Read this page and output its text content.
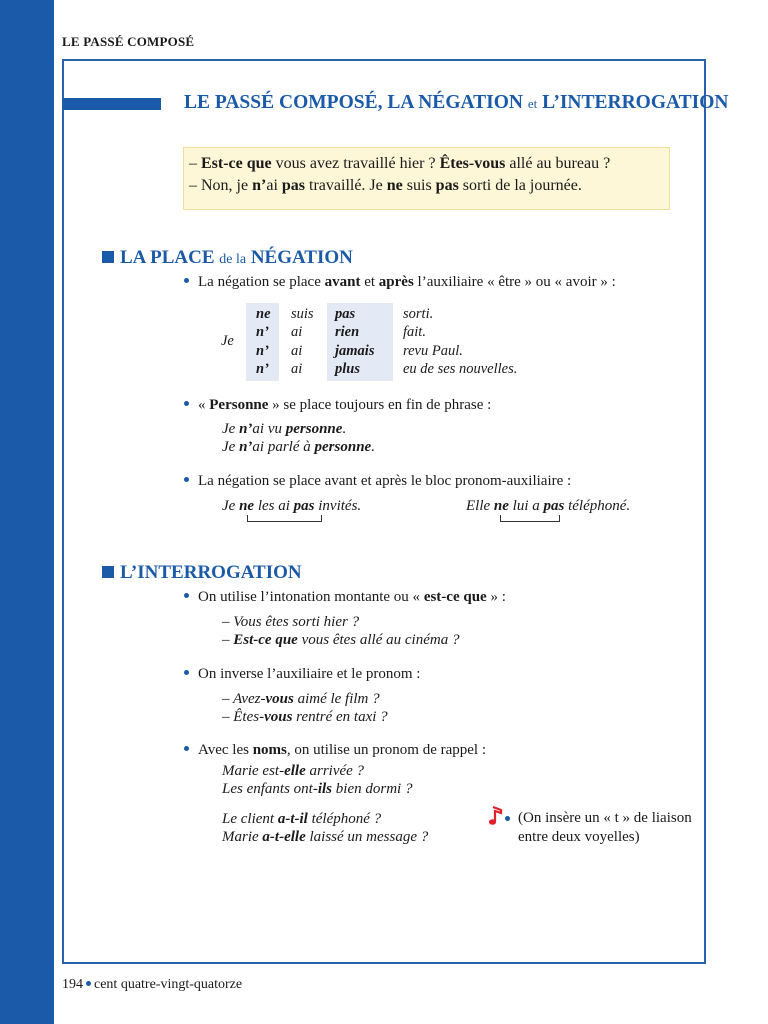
LE PASSÉ COMPOSÉ
LE PASSÉ COMPOSÉ, LA NÉGATION et L’INTERROGATION
– Est-ce que vous avez travaillé hier ? Êtes-vous allé au bureau ?
– Non, je n’ai pas travaillé. Je ne suis pas sorti de la journée.
LA PLACE de la NÉGATION
La négation se place avant et après l’auxiliaire « être » ou « avoir » :
Je
ne suis pas	sorti.
n’ ai rien	fait.
n’ ai jamais revu Paul.
n’ ai plus	eu de ses nouvelles.
« Personne » se place toujours en fin de phrase :
Je n’ai vu personne.
Je n’ai parlé à personne.
La négation se place avant et après le bloc pronom-auxiliaire :
Je ne les ai pas invités.	Elle ne lui a pas téléphoné.
L’INTERROGATION
On utilise l’intonation montante ou « est-ce que » :
– Vous êtes sorti hier ?
– Est-ce que vous êtes allé au cinéma ?
On inverse l’auxiliaire et le pronom :
– Avez-vous aimé le film ?
– Êtes-vous rentré en taxi ?
Avec les noms, on utilise un pronom de rappel :
Marie est-elle arrivée ?
Les enfants ont-ils bien dormi ?
Le client a-t-il téléphoné ?
Marie a-t-elle laissé un message ?
(On insère un « t » de liaison
entre deux voyelles)
194 cent quatre-vingt-quatorze
